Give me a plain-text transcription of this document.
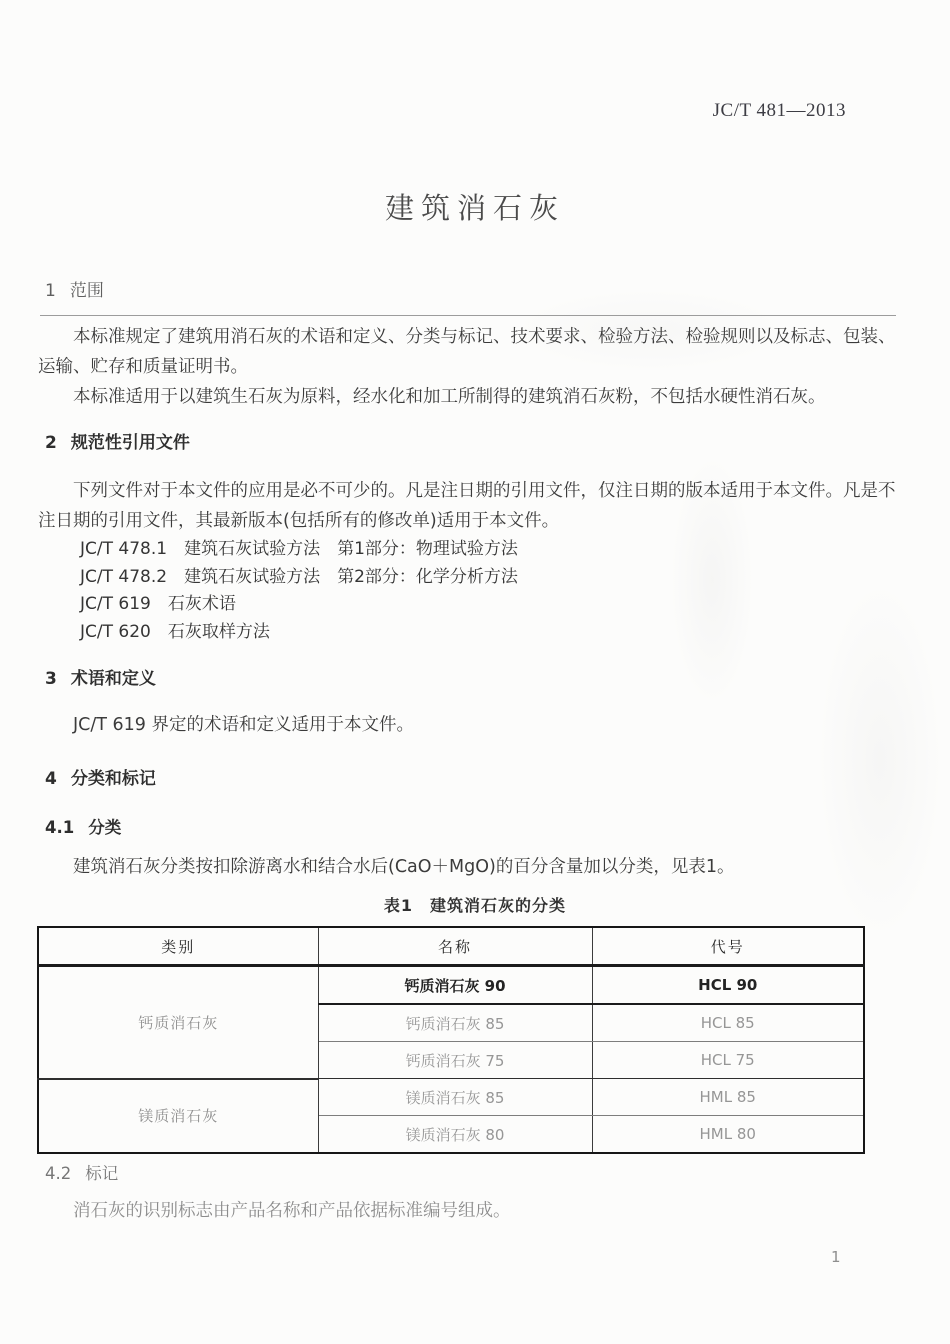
JC/T 481—2013
建筑消石灰
1 范围

本标准规定了建筑用消石灰的术语和定义、分类与标记、技术要求、检验方法、检验规则以及标志、包装、运输、贮存和质量证明书。

本标准适用于以建筑生石灰为原料，经水化和加工所制得的建筑消石灰粉，不包括水硬性消石灰。

2 规范性引用文件

下列文件对于本文件的应用是必不可少的。凡是注日期的引用文件，仅注日期的版本适用于本文件。凡是不注日期的引用文件，其最新版本(包括所有的修改单)适用于本文件。

JC/T 478.1　建筑石灰试验方法　第1部分：物理试验方法
JC/T 478.2　建筑石灰试验方法　第2部分：化学分析方法
JC/T 619　石灰术语
JC/T 620　石灰取样方法
3 术语和定义

JC/T 619 界定的术语和定义适用于本文件。

4 分类和标记
4.1 分类

建筑消石灰分类按扣除游离水和结合水后(CaO＋MgO)的百分含量加以分类，见表1。

表1　建筑消石灰的分类
类别	名称	代号
钙质消石灰	钙质消石灰 90	HCL 90
	钙质消石灰 85	HCL 85
	钙质消石灰 75	HCL 75
镁质消石灰	镁质消石灰 85	HML 85
	镁质消石灰 80	HML 80
4.2 标记

消石灰的识别标志由产品名称和产品依据标准编号组成。

1
